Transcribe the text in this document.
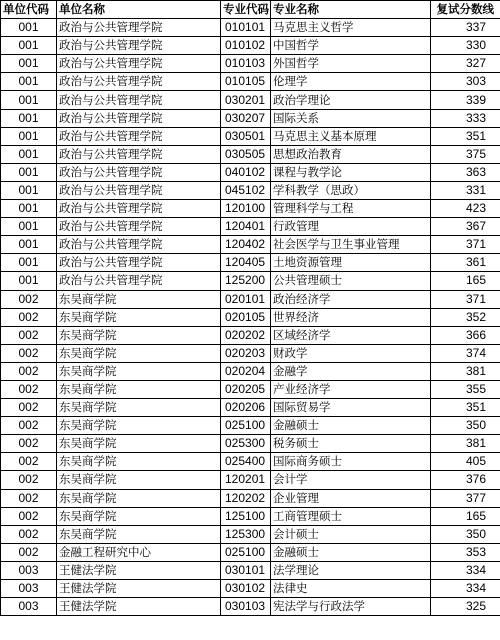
单位代码	单位名称	专业代码	专业名称	复试分数线
001	政治与公共管理学院	010101	马克思主义哲学	337
001	政治与公共管理学院	010102	中国哲学	330
001	政治与公共管理学院	010103	外国哲学	327
001	政治与公共管理学院	010105	伦理学	303
001	政治与公共管理学院	030201	政治学理论	339
001	政治与公共管理学院	030207	国际关系	333
001	政治与公共管理学院	030501	马克思主义基本原理	351
001	政治与公共管理学院	030505	思想政治教育	375
001	政治与公共管理学院	040102	课程与教学论	363
001	政治与公共管理学院	045102	学科教学（思政）	331
001	政治与公共管理学院	120100	管理科学与工程	423
001	政治与公共管理学院	120401	行政管理	367
001	政治与公共管理学院	120402	社会医学与卫生事业管理	371
001	政治与公共管理学院	120405	土地资源管理	361
001	政治与公共管理学院	125200	公共管理硕士	165
002	东吴商学院	020101	政治经济学	371
002	东吴商学院	020105	世界经济	352
002	东吴商学院	020202	区域经济学	366
002	东吴商学院	020203	财政学	374
002	东吴商学院	020204	金融学	381
002	东吴商学院	020205	产业经济学	355
002	东吴商学院	020206	国际贸易学	351
002	东吴商学院	025100	金融硕士	350
002	东吴商学院	025300	税务硕士	381
002	东吴商学院	025400	国际商务硕士	405
002	东吴商学院	120201	会计学	376
002	东吴商学院	120202	企业管理	377
002	东吴商学院	125100	工商管理硕士	165
002	东吴商学院	125300	会计硕士	350
002	金融工程研究中心	025100	金融硕士	353
003	王健法学院	030101	法学理论	334
003	王健法学院	030102	法律史	334
003	王健法学院	030103	宪法学与行政法学	325
